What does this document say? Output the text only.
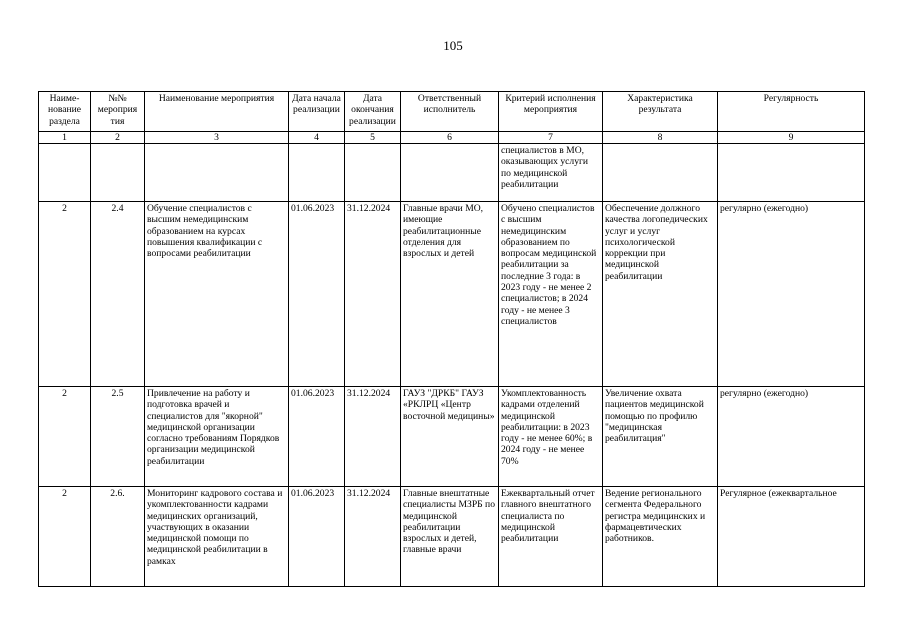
105
Наиме-нование раздела	№№ мероприя тия	Наименование мероприятия	Дата начала реализации	Дата окончания реализации	Ответственный исполнитель	Критерий исполнения мероприятия	Характеристика результата	Регулярность
1	2	3	4	5	6	7	8	9
						специалистов в МО, оказывающих услуги по медицинской реабилитации		
2	2.4	Обучение специалистов с высшим немедицинским образованием на курсах повышения квалификации с вопросами реабилитации	01.06.2023	31.12.2024	Главные врачи МО, имеющие реабилитационные отделения для взрослых и детей	Обучено специалистов с высшим немедицинским образованием по вопросам медицинской реабилитации за последние 3 года: в 2023 году - не менее 2 специалистов; в 2024 году - не менее 3 специалистов	Обеспечение должного качества логопедических услуг и услуг психологической коррекции при медицинской реабилитации	регулярно (ежегодно)
2	2.5	Привлечение на работу и подготовка врачей и специалистов для "якорной" медицинской организации согласно требованиям Порядков организации медицинской реабилитации	01.06.2023	31.12.2024	ГАУЗ "ДРКБ" ГАУЗ «РКЛРЦ «Центр восточной медицины»	Укомплектованность кадрами отделений медицинской реабилитации: в 2023 году - не менее 60%; в 2024 году - не менее 70%	Увеличение охвата пациентов медицинской помощью по профилю "медицинская реабилитация"	регулярно (ежегодно)
2	2.6.	Мониторинг кадрового состава и укомплектованности кадрами медицинских организаций, участвующих в оказании медицинской помощи по медицинской реабилитации в рамках	01.06.2023	31.12.2024	Главные внештатные специалисты МЗРБ по медицинской реабилитации взрослых и детей, главные врачи	Ежеквартальный отчет главного внештатного специалиста по медицинской реабилитации	Ведение регионального сегмента Федерального регистра медицинских и фармацевтических работников.	Регулярное (ежеквартальное
